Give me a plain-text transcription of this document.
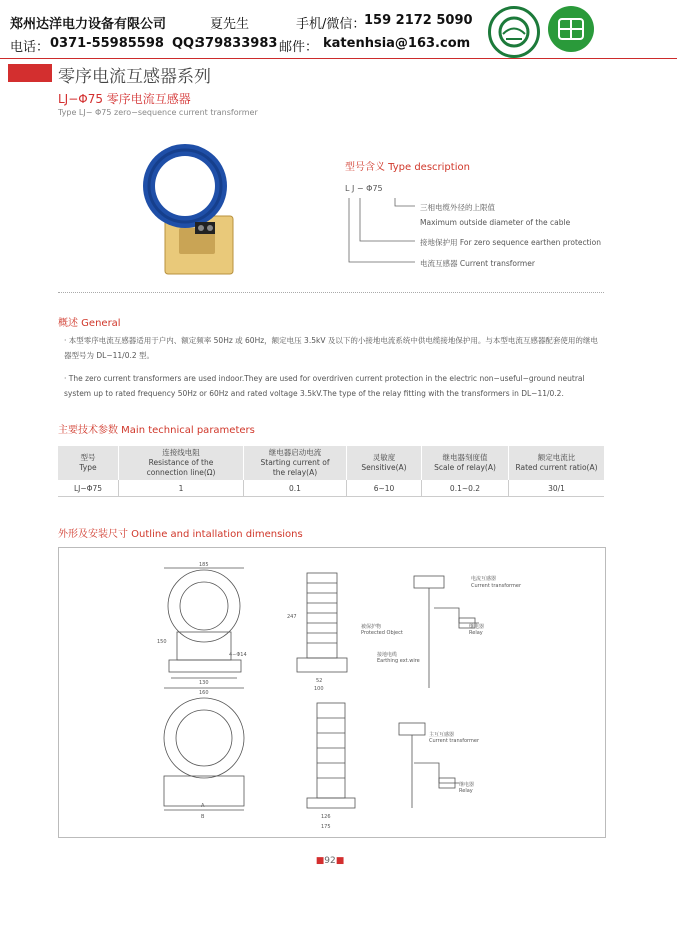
郑州达洋电力设备有限公司	夏先生	手机/微信：
159 2172 5090
电话： 0371-55985598 QQ:
379833983 邮件： katenhsia@163.com
零序电流互感器系列
LJ−Φ75 零序电流互感器
Type LJ− Φ75 zero−sequence current transformer
型号含义 Type description
L J − Φ75
三相电缆外径的上限值
Maximum outside diameter of the cable
接地保护用 For zero sequence earthen protection
电流互感器 Current transformer
概述 General
· 本型零序电流互感器适用于户内、额定频率 50Hz 或 60Hz，额定电压 3.5kV 及以下的小接地电流系统中供电缆接地保护用。与本型电流互感器配套使用的继电器型号为 DL−11/0.2 型。
· The zero current transformers are used indoor.They are used for overdriven current protection in the electric non−useful−ground neutral system up to rated frequency 50Hz or 60Hz and rated voltage 3.5kV.The type of the relay fitting with the transformers in DL−11/0.2.
主要技术参数 Main technical parameters
型号
Type	连接线电阻
Resistance of the
connection line(Ω)	继电器启动电流
Starting current of
the relay(A)	灵敏度
Sensitive(A)	继电器刻度值
Scale of relay(A)	额定电流比
Rated current ratio(A)
LJ−Φ75	1	0.1	6~10	0.1~0.2	30/1
外形及安装尺寸 Outline and intallation dimensions
185
130
160
150
4−Φ14
247
52
100
电流互感器
Current transformer
被保护物
Protected Object
继电器
Relay
接地电缆
Earthing ext.wire
A
B	126
175
主互互感器
Current transformer
继电器
Relay
■92■
